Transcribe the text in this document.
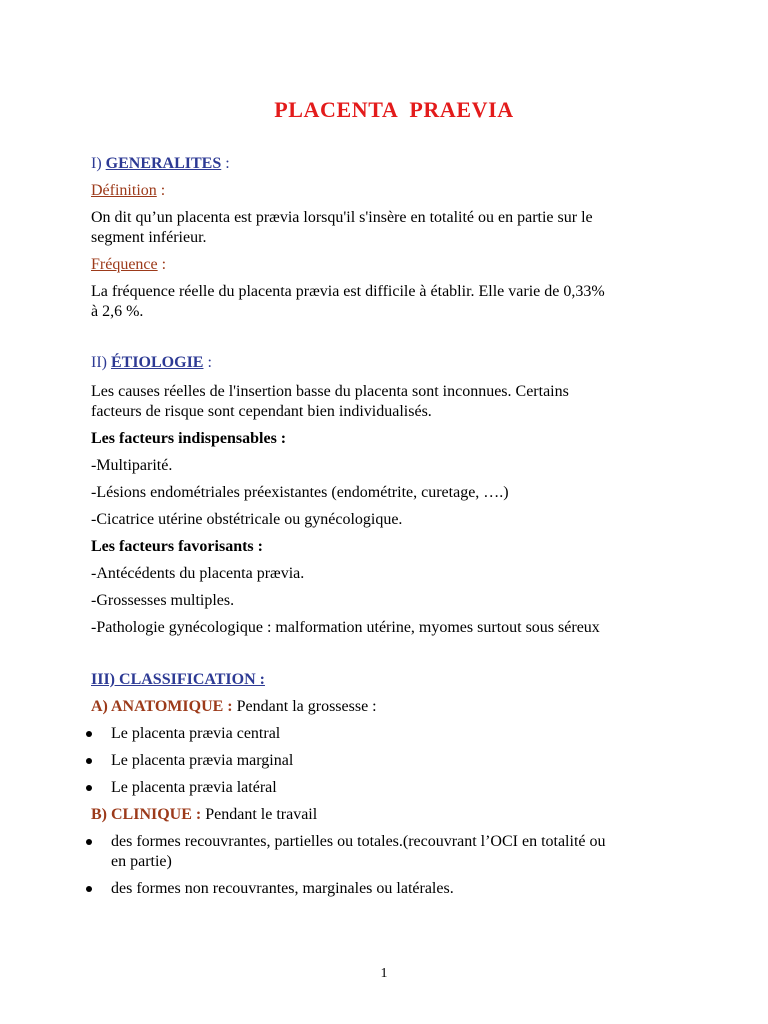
PLACENTA  PRAEVIA
I) GENERALITES :
Définition :
On dit qu’un placenta est prævia lorsqu'il s'insère en totalité ou en partie sur le
segment inférieur.
Fréquence :
La fréquence réelle du placenta prævia est difficile à établir. Elle varie de 0,33%
à 2,6 %.
II) ÉTIOLOGIE :
Les causes réelles de l'insertion basse du placenta sont inconnues. Certains
facteurs de risque sont cependant bien individualisés.
Les facteurs indispensables :
-Multiparité.
-Lésions endométriales préexistantes (endométrite, curetage, ….)
-Cicatrice utérine obstétricale ou gynécologique.
Les facteurs favorisants :
-Antécédents du placenta prævia.
-Grossesses multiples.
-Pathologie gynécologique : malformation utérine, myomes surtout sous séreux
III) CLASSIFICATION :
A) ANATOMIQUE : Pendant la grossesse :
Le placenta prævia central
Le placenta prævia marginal
Le placenta prævia latéral
B) CLINIQUE : Pendant le travail
des formes recouvrantes, partielles ou totales.(recouvrant l’OCI en totalité ou
en partie)
des formes non recouvrantes, marginales ou latérales.
1
